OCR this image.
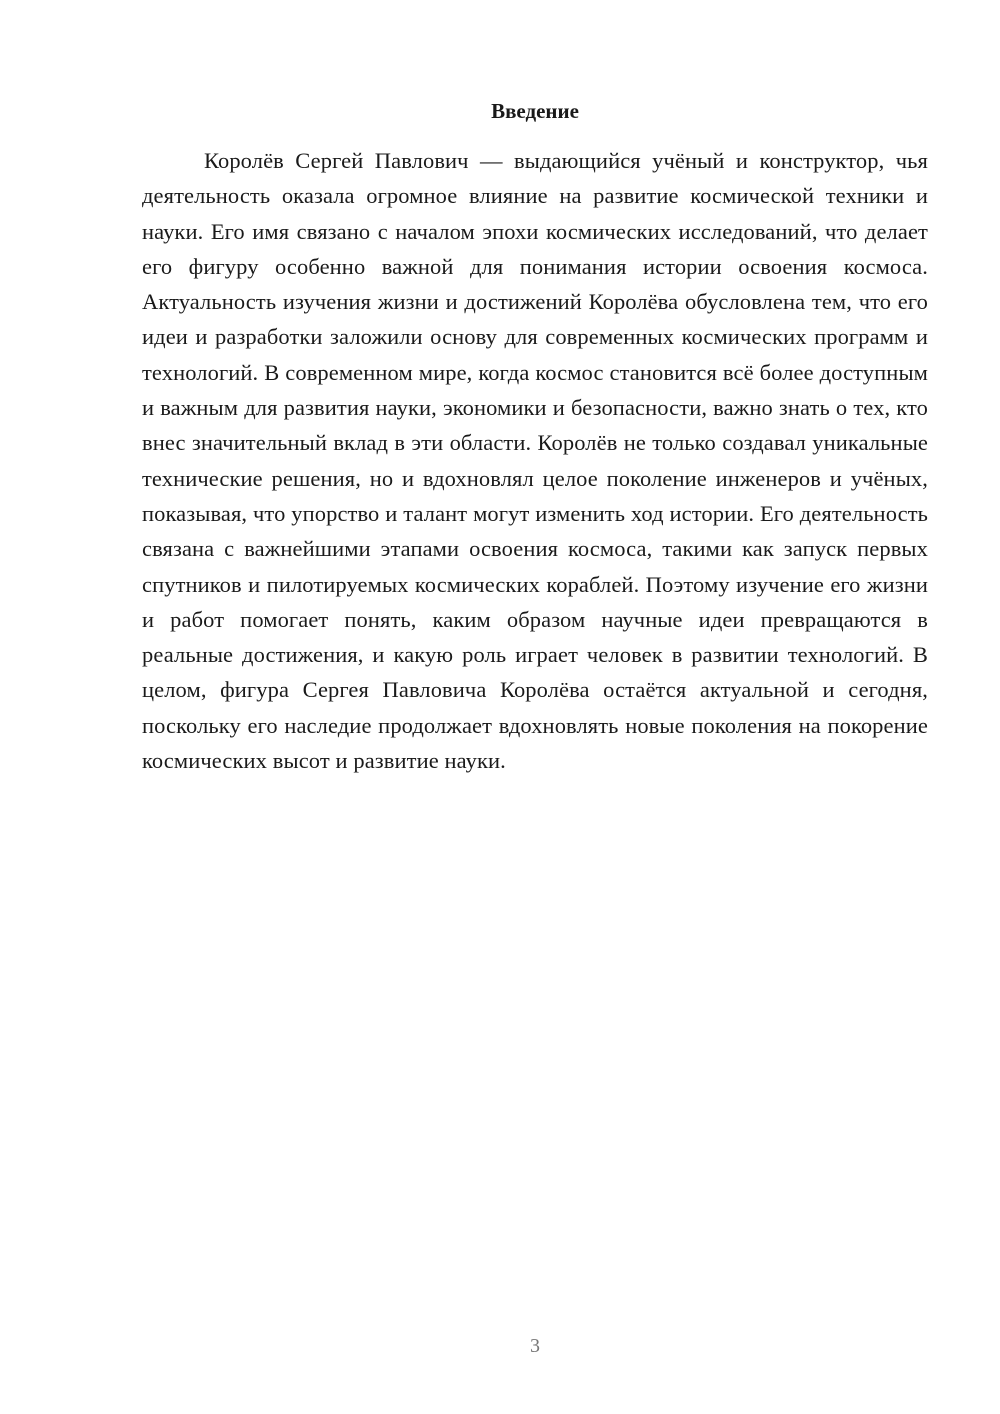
Введение

Королёв Сергей Павлович — выдающийся учёный и конструктор, чья деятельность оказала огромное влияние на развитие космической техники и науки. Его имя связано с началом эпохи космических исследований, что делает его фигуру особенно важной для понимания истории освоения космоса. Актуальность изучения жизни и достижений Королёва обусловлена тем, что его идеи и разработки заложили основу для современных космических программ и технологий. В современном мире, когда космос становится всё более доступным и важным для развития науки, экономики и безопасности, важно знать о тех, кто внес значительный вклад в эти области. Королёв не только создавал уникальные технические решения, но и вдохновлял целое поколение инженеров и учёных, показывая, что упорство и талант могут изменить ход истории. Его деятельность связана с важнейшими этапами освоения космоса, такими как запуск первых спутников и пилотируемых космических кораблей. Поэтому изучение его жизни и работ помогает понять, каким образом научные идеи превращаются в реальные достижения, и какую роль играет человек в развитии технологий. В целом, фигура Сергея Павловича Королёва остаётся актуальной и сегодня, поскольку его наследие продолжает вдохновлять новые поколения на покорение космических высот и развитие науки.

3
